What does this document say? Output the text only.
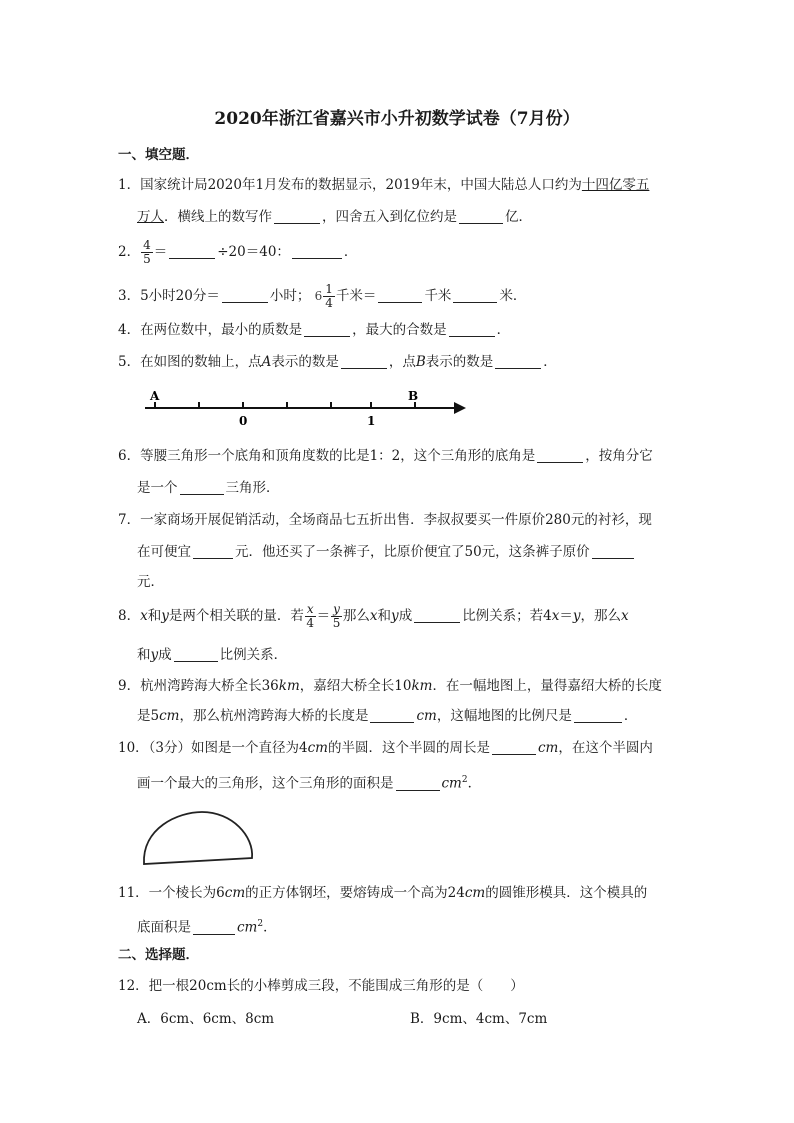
2020年浙江省嘉兴市小升初数学试卷（7月份）
一、填空题．
1．国家统计局2020年1月发布的数据显示，2019年末，中国大陆总人口约为十四亿零五
万人．横线上的数写作	，四舍五入到亿位约是	亿．
2． $\frac{4}{5}$ ＝	÷20＝40：	．
3．5小时20分＝	小时； $6 \frac{1}{4}$ 千米＝	千米	米．
4．在两位数中，最小的质数是	，最大的合数是	．
5．在如图的数轴上，点A表示的数是	，点B表示的数是	．
A	B
0	1
6．等腰三角形一个底角和顶角度数的比是1：2，这个三角形的底角是	，按角分它
是一个	三角形．
7．一家商场开展促销活动，全场商品七五折出售．李叔叔要买一件原价280元的衬衫，现
在可便宜	元．他还买了一条裤子，比原价便宜了50元，这条裤子原价
元．
8．x和y是两个相关联的量．若 $\frac{x}{4} = \frac{y}{5}$ 那么x和y成	比例关系；若4x＝y，那么x
和y成	比例关系．
9．杭州湾跨海大桥全长36km，嘉绍大桥全长10km．在一幅地图上，量得嘉绍大桥的长度
是5cm，那么杭州湾跨海大桥的长度是	cm，这幅地图的比例尺是	．
10．（3分）如图是一个直径为4cm的半圆．这个半圆的周长是	cm，在这个半圆内
画一个最大的三角形，这个三角形的面积是	$cm^2$．
11．一个棱长为6cm的正方体钢坯，要熔铸成一个高为24cm的圆锥形模具．这个模具的
底面积是	$cm^2$．
二、选择题．
12．把一根20cm长的小棒剪成三段，不能围成三角形的是（　　）
A．6cm、6cm、8cm	B．9cm、4cm、7cm
